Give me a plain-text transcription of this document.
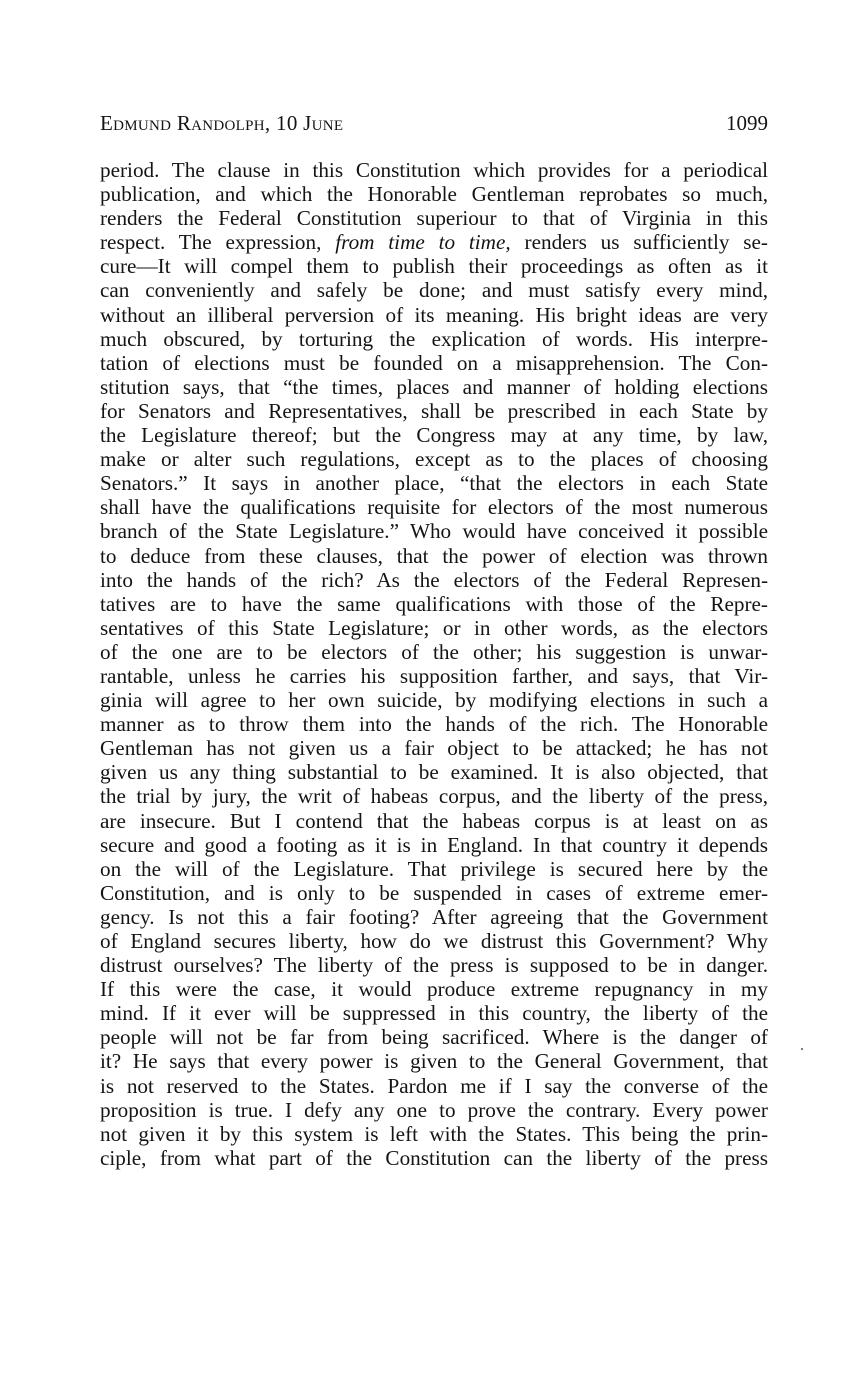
Edmund Randolph, 10 June	1099
period. The clause in this Constitution which provides for a periodical
publication, and which the Honorable Gentleman reprobates so much,
renders the Federal Constitution superiour to that of Virginia in this
respect. The expression, from time to time, renders us sufficiently se-
cure—It will compel them to publish their proceedings as often as it
can conveniently and safely be done; and must satisfy every mind,
without an illiberal perversion of its meaning. His bright ideas are very
much obscured, by torturing the explication of words. His interpre-
tation of elections must be founded on a misapprehension. The Con-
stitution says, that “the times, places and manner of holding elections
for Senators and Representatives, shall be prescribed in each State by
the Legislature thereof; but the Congress may at any time, by law,
make or alter such regulations, except as to the places of choosing
Senators.” It says in another place, “that the electors in each State
shall have the qualifications requisite for electors of the most numerous
branch of the State Legislature.” Who would have conceived it possible
to deduce from these clauses, that the power of election was thrown
into the hands of the rich? As the electors of the Federal Represen-
tatives are to have the same qualifications with those of the Repre-
sentatives of this State Legislature; or in other words, as the electors
of the one are to be electors of the other; his suggestion is unwar-
rantable, unless he carries his supposition farther, and says, that Vir-
ginia will agree to her own suicide, by modifying elections in such a
manner as to throw them into the hands of the rich. The Honorable
Gentleman has not given us a fair object to be attacked; he has not
given us any thing substantial to be examined. It is also objected, that
the trial by jury, the writ of habeas corpus, and the liberty of the press,
are insecure. But I contend that the habeas corpus is at least on as
secure and good a footing as it is in England. In that country it depends
on the will of the Legislature. That privilege is secured here by the
Constitution, and is only to be suspended in cases of extreme emer-
gency. Is not this a fair footing? After agreeing that the Government
of England secures liberty, how do we distrust this Government? Why
distrust ourselves? The liberty of the press is supposed to be in danger.
If this were the case, it would produce extreme repugnancy in my
mind. If it ever will be suppressed in this country, the liberty of the
people will not be far from being sacrificed. Where is the danger of
it? He says that every power is given to the General Government, that
is not reserved to the States. Pardon me if I say the converse of the
proposition is true. I defy any one to prove the contrary. Every power
not given it by this system is left with the States. This being the prin-
ciple, from what part of the Constitution can the liberty of the press
